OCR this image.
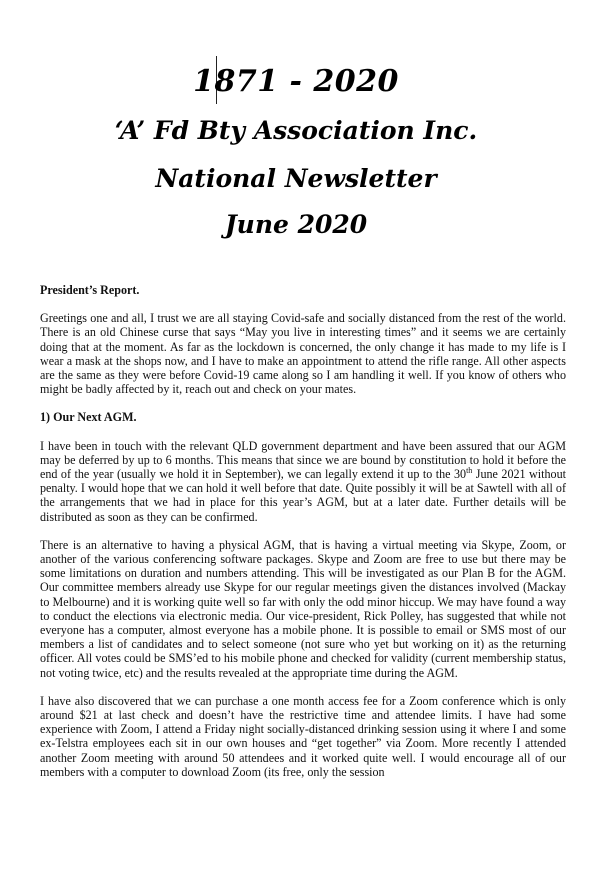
1871 - 2020
‘A’ Fd Bty Association Inc.
National Newsletter
June 2020

President’s Report.

Greetings one and all, I trust we are all staying Covid-safe and socially distanced from the rest of the world. There is an old Chinese curse that says “May you live in interesting times” and it seems we are certainly doing that at the moment. As far as the lockdown is concerned, the only change it has made to my life is I wear a mask at the shops now, and I have to make an appointment to attend the rifle range. All other aspects are the same as they were before Covid-19 came along so I am handling it well. If you know of others who might be badly affected by it, reach out and check on your mates.

1) Our Next AGM.

I have been in touch with the relevant QLD government department and have been assured that our AGM may be deferred by up to 6 months. This means that since we are bound by constitution to hold it before the end of the year (usually we hold it in September), we can legally extend it up to the 30th June 2021 without penalty. I would hope that we can hold it well before that date. Quite possibly it will be at Sawtell with all of the arrangements that we had in place for this year’s AGM, but at a later date. Further details will be distributed as soon as they can be confirmed.

There is an alternative to having a physical AGM, that is having a virtual meeting via Skype, Zoom, or another of the various conferencing software packages. Skype and Zoom are free to use but there may be some limitations on duration and numbers attending. This will be investigated as our Plan B for the AGM. Our committee members already use Skype for our regular meetings given the distances involved (Mackay to Melbourne) and it is working quite well so far with only the odd minor hiccup. We may have found a way to conduct the elections via electronic media. Our vice-president, Rick Polley, has suggested that while not everyone has a computer, almost everyone has a mobile phone. It is possible to email or SMS most of our members a list of candidates and to select someone (not sure who yet but working on it) as the returning officer. All votes could be SMS’ed to his mobile phone and checked for validity (current membership status, not voting twice, etc) and the results revealed at the appropriate time during the AGM.

I have also discovered that we can purchase a one month access fee for a Zoom conference which is only around $21 at last check and doesn’t have the restrictive time and attendee limits. I have had some experience with Zoom, I attend a Friday night socially-distanced drinking session using it where I and some ex-Telstra employees each sit in our own houses and “get together” via Zoom. More recently I attended another Zoom meeting with around 50 attendees and it worked quite well. I would encourage all of our members with a computer to download Zoom (its free, only the session
